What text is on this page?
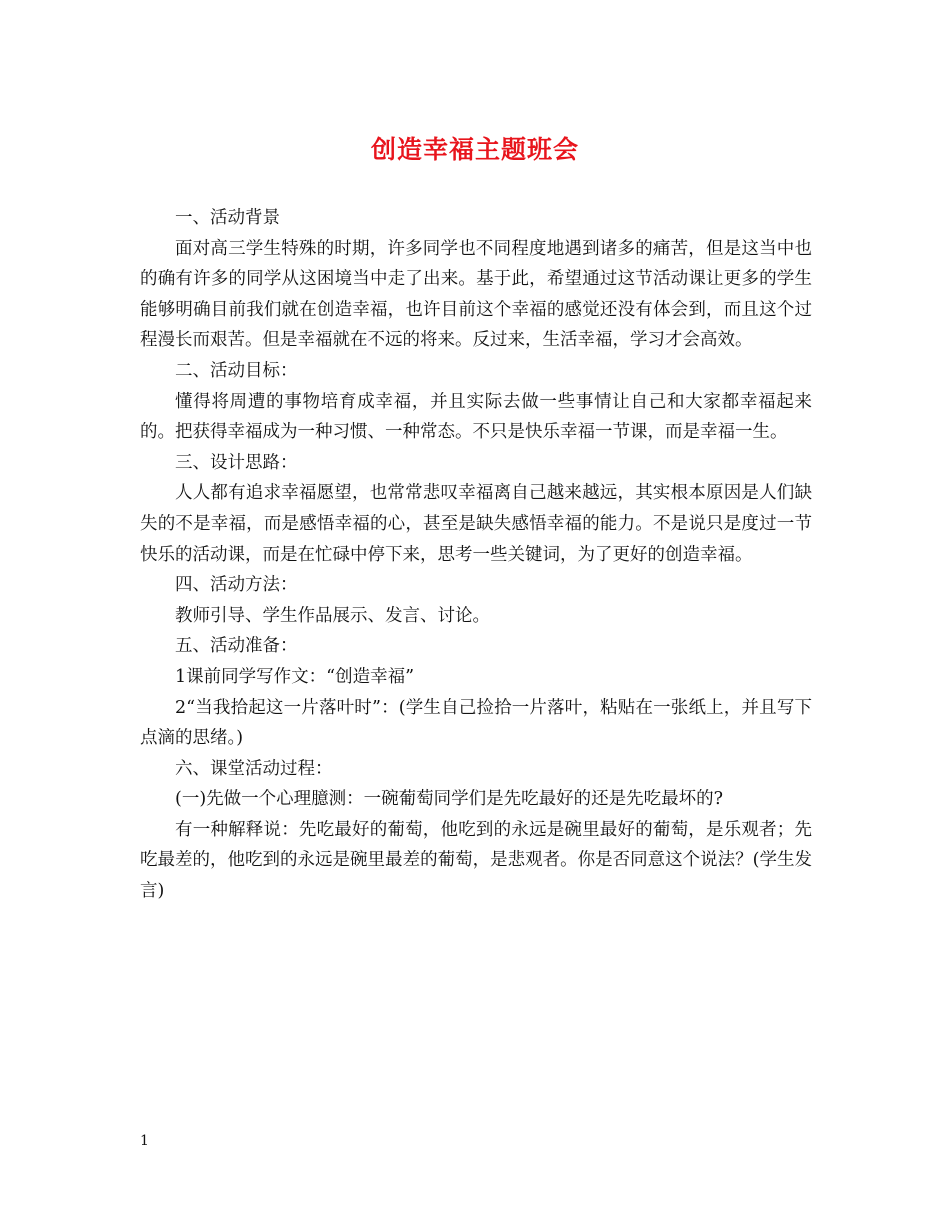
创造幸福主题班会

一、活动背景

面对高三学生特殊的时期，许多同学也不同程度地遇到诸多的痛苦，但是这当中也的确有许多的同学从这困境当中走了出来。基于此，希望通过这节活动课让更多的学生能够明确目前我们就在创造幸福，也许目前这个幸福的感觉还没有体会到，而且这个过程漫长而艰苦。但是幸福就在不远的将来。反过来，生活幸福，学习才会高效。

二、活动目标：

懂得将周遭的事物培育成幸福，并且实际去做一些事情让自己和大家都幸福起来的。把获得幸福成为一种习惯、一种常态。不只是快乐幸福一节课，而是幸福一生。

三、设计思路：

人人都有追求幸福愿望，也常常悲叹幸福离自己越来越远，其实根本原因是人们缺失的不是幸福，而是感悟幸福的心，甚至是缺失感悟幸福的能力。不是说只是度过一节快乐的活动课，而是在忙碌中停下来，思考一些关键词，为了更好的创造幸福。

四、活动方法：

教师引导、学生作品展示、发言、讨论。

五、活动准备：

1课前同学写作文：“创造幸福”

2“当我拾起这一片落叶时”：(学生自己捡拾一片落叶，粘贴在一张纸上，并且写下点滴的思绪。)

六、课堂活动过程：

(一)先做一个心理臆测：一碗葡萄同学们是先吃最好的还是先吃最坏的?

有一种解释说：先吃最好的葡萄，他吃到的永远是碗里最好的葡萄，是乐观者；先吃最差的，他吃到的永远是碗里最差的葡萄，是悲观者。你是否同意这个说法？(学生发言)

1
